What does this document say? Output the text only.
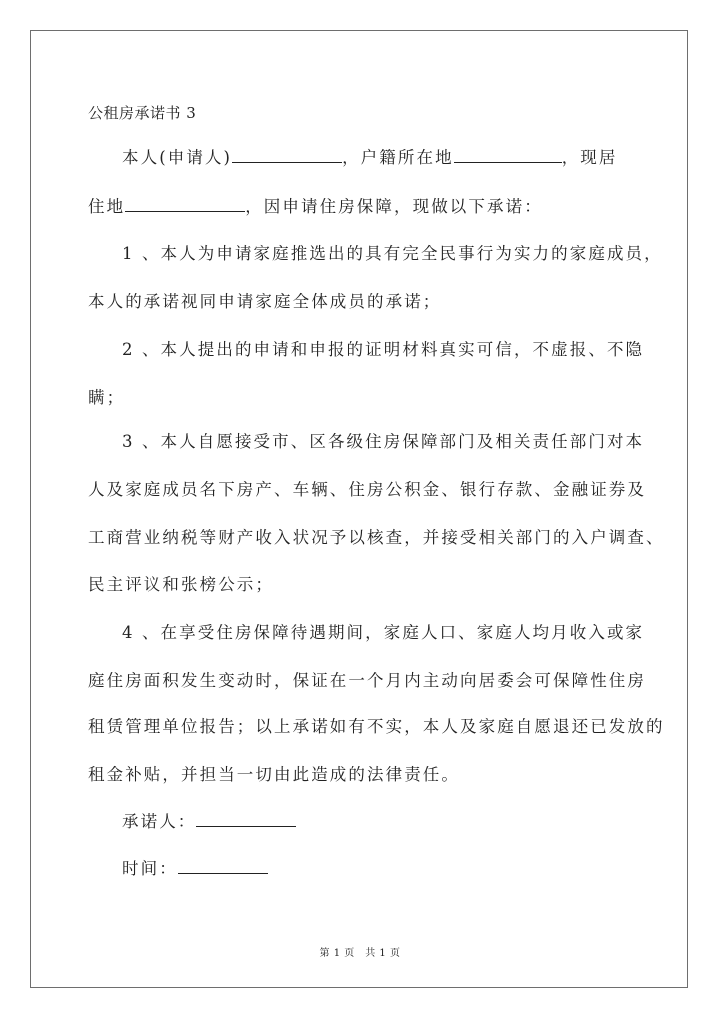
公租房承诺书 3
本人(申请人)	，户籍所在地	，现居
住地	，因申请住房保障，现做以下承诺：
1 、本人为申请家庭推选出的具有完全民事行为实力的家庭成员，
本人的承诺视同申请家庭全体成员的承诺；
2 、本人提出的申请和申报的证明材料真实可信，不虚报、不隐
瞒；
3 、本人自愿接受市、区各级住房保障部门及相关责任部门对本
人及家庭成员名下房产、车辆、住房公积金、银行存款、金融证券及
工商营业纳税等财产收入状况予以核查，并接受相关部门的入户调查、
民主评议和张榜公示；
4 、在享受住房保障待遇期间，家庭人口、家庭人均月收入或家
庭住房面积发生变动时，保证在一个月内主动向居委会可保障性住房
租赁管理单位报告；以上承诺如有不实，本人及家庭自愿退还已发放的
租金补贴，并担当一切由此造成的法律责任。
承诺人：
时间：
第 1 页　共 1 页
